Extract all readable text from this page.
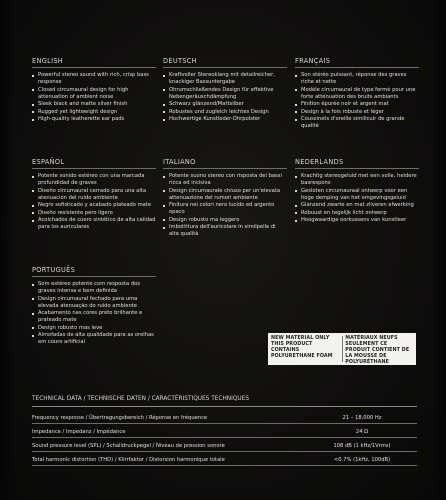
ENGLISH
Powerful stereo sound with rich, crisp bass response
Closed circumaural design for high attenuation of ambient noise
Sleek black and matte silver finish
Rugged yet lightweight design
High-quality leatherette ear pads
DEUTSCH
Kraftvoller Stereoklang mit detailreicher, knackiger Bassuntergabe
Ohrumschließendes Design für effektive Nebengeräuschdämpfung
Schwarz glänzend/Mattsilber
Robustes und zugleich leichtes Design
Hochwertige Kunstleder-Ohrpolster
FRANÇAIS
Son stéréo puissant, réponse des graves riche et nette
Modèle circumaural de type fermé pour une forte atténuation des bruits ambiants
Finition épurée noir et argent mat
Design à la fois robuste et léger
Coussinets d'oreille similicuir de grande qualité
ESPAÑOL
Potente sonido estéreo con una marcada profundidad de graves
Diseño circumaural cerrado para una alta atenuación del ruido ambiente
Negro sofisticado y acabado plateado mate
Diseño resistente pero ligero
Acolchados de cuero sintético de alta calidad para los auriculares
ITALIANO
Potente suono stereo con risposta dei bassi ricca ed incisiva
Design circumaurale chiuso per un'elevata attenuazione del rumori ambiente
Finitura nei colori nero lucido ed argento opaco
Design robusto ma leggero
Imbottitura dell'auricolare in similpelle di alta qualità
NEDERLANDS
Krachtig stereogeluid met een volle, heldere basrespons
Gesloten circumauraal ontwerp voor een hoge demping van het omgevingsgeluid
Glanzend zwarte en mat zilveren afwerking
Robuust en tegelijk licht ontwerp
Hoogwaardige oorkussens van kunstleer
PORTUGUÊS
Som estéreo potente com resposta dos graves intensa e bem definida
Design circumaural fechado para uma elevada atenuação do ruído ambiente
Acabamento nas cores preto brilhante e prateado mate
Design robusto mas leve
Almofadas de alta qualidade para as orelhas em couro artificial
NEW MATERIAL ONLY THIS PRODUCT CONTAINS POLYURETHANE FOAM
MATÉRIAUX NEUFS SEULEMENT CE PRODUIT CONTIENT DE LA MOUSSE DE POLYURÉTHANE
TECHNICAL DATA / TECHNISCHE DATEN / CARACTÉRISTIQUES TECHNIQUES
Frequency response / Übertragungsbereich / Réponse en fréquence	21 – 18,000 Hz
Impedance / Impedanz / Impédance	24 Ω
Sound pressure level (SPL) / Schalldruckpegel / Niveau de pression sonore	108 dB (1 kHz/1Vrms)
Total harmonic distortion (THD) / Klirrfaktor / Distorsion harmonique totale	<0.7% (1kHz, 100dB)
